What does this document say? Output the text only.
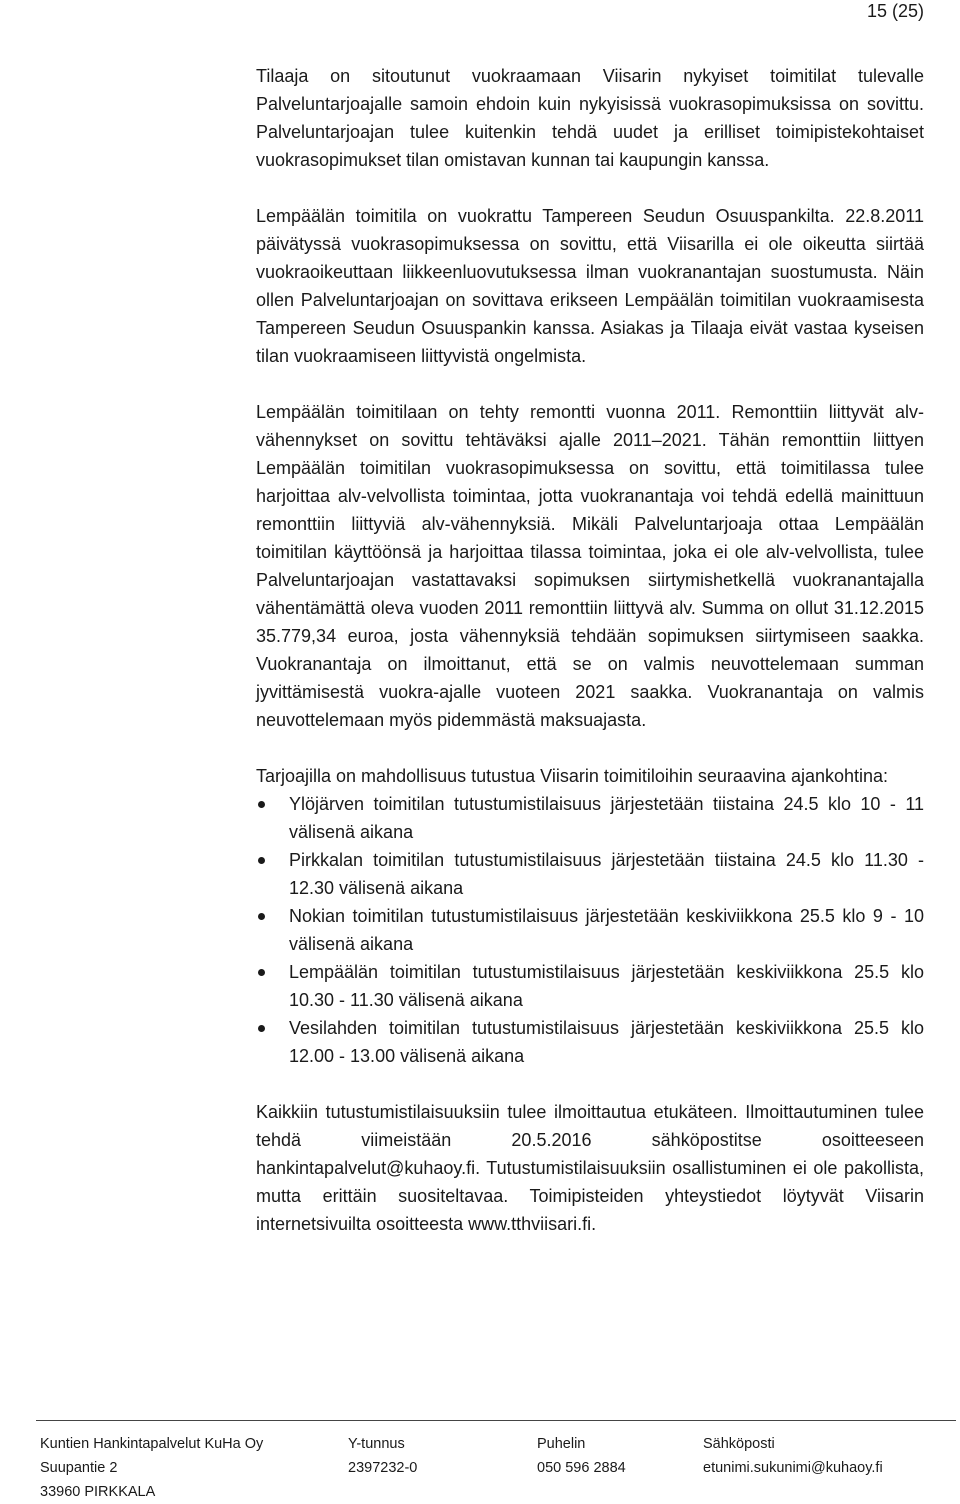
15 (25)

Tilaaja on sitoutunut vuokraamaan Viisarin nykyiset toimitilat tulevalle Palveluntarjoajalle samoin ehdoin kuin nykyisissä vuokrasopimuksissa on sovittu. Palveluntarjoajan tulee kuitenkin tehdä uudet ja erilliset toimipistekohtaiset vuokrasopimukset tilan omistavan kunnan tai kaupungin kanssa.

Lempäälän toimitila on vuokrattu Tampereen Seudun Osuuspankilta. 22.8.2011 päivätyssä vuokrasopimuksessa on sovittu, että Viisarilla ei ole oikeutta siirtää vuokraoikeuttaan liikkeenluovutuksessa ilman vuokranantajan suostumusta. Näin ollen Palveluntarjoajan on sovittava erikseen Lempäälän toimitilan vuokraamisesta Tampereen Seudun Osuuspankin kanssa. Asiakas ja Tilaaja eivät vastaa kyseisen tilan vuokraamiseen liittyvistä ongelmista.

Lempäälän toimitilaan on tehty remontti vuonna 2011. Remonttiin liittyvät alv-vähennykset on sovittu tehtäväksi ajalle 2011–2021. Tähän remonttiin liittyen Lempäälän toimitilan vuokrasopimuksessa on sovittu, että toimitilassa tulee harjoittaa alv-velvollista toimintaa, jotta vuokranantaja voi tehdä edellä mainittuun remonttiin liittyviä alv-vähennyksiä. Mikäli Palveluntarjoaja ottaa Lempäälän toimitilan käyttöönsä ja harjoittaa tilassa toimintaa, joka ei ole alv-velvollista, tulee Palveluntarjoajan vastattavaksi sopimuksen siirtymishetkellä vuokranantajalla vähentämättä oleva vuoden 2011 remonttiin liittyvä alv. Summa on ollut 31.12.2015 35.779,34 euroa, josta vähennyksiä tehdään sopimuksen siirtymiseen saakka. Vuokranantaja on ilmoittanut, että se on valmis neuvottelemaan summan jyvittämisestä vuokra-ajalle vuoteen 2021 saakka. Vuokranantaja on valmis neuvottelemaan myös pidemmästä maksuajasta.

Tarjoajilla on mahdollisuus tutustua Viisarin toimitiloihin seuraavina ajankohtina:

Ylöjärven toimitilan tutustumistilaisuus järjestetään tiistaina 24.5 klo 10 - 11 välisenä aikana
Pirkkalan toimitilan tutustumistilaisuus järjestetään tiistaina 24.5 klo 11.30 - 12.30 välisenä aikana
Nokian toimitilan tutustumistilaisuus järjestetään keskiviikkona 25.5 klo 9 - 10 välisenä aikana
Lempäälän toimitilan tutustumistilaisuus järjestetään keskiviikkona 25.5 klo 10.30 - 11.30 välisenä aikana
Vesilahden toimitilan tutustumistilaisuus järjestetään keskiviikkona 25.5 klo 12.00 - 13.00 välisenä aikana

Kaikkiin tutustumistilaisuuksiin tulee ilmoittautua etukäteen. Ilmoittautuminen tulee tehdä viimeistään 20.5.2016 sähköpostitse osoitteeseen hankintapalvelut@kuhaoy.fi. Tutustumistilaisuuksiin osallistuminen ei ole pakollista, mutta erittäin suositeltavaa. Toimipisteiden yhteystiedot löytyvät Viisarin internetsivuilta osoitteesta www.tthviisari.fi.

Kuntien Hankintapalvelut KuHa Oy
Suupantie 2
33960 PIRKKALA
Y-tunnus
2397232-0
Puhelin
050 596 2884
Sähköposti
etunimi.sukunimi@kuhaoy.fi
